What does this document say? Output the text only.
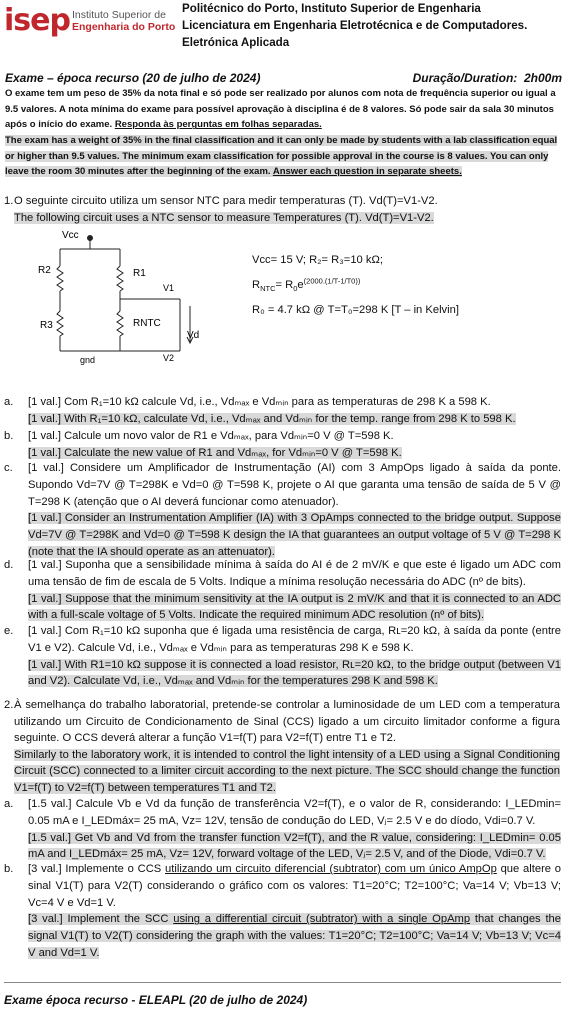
isep Instituto Superior de
Engenharia do Porto
Politécnico do Porto, Instituto Superior de Engenharia
Licenciatura em Engenharia Eletrotécnica e de Computadores.
Eletrónica Aplicada
Exame – época recurso (20 de julho de 2024)	Duração/Duration: 2h00m
O exame tem um peso de 35% da nota final e só pode ser realizado por alunos com nota de frequência superior ou igual a 9.5 valores. A nota mínima do exame para possível aprovação à disciplina é de 8 valores. Só pode sair da sala 30 minutos após o início do exame. Responda às perguntas em folhas separadas.
The exam has a weight of 35% in the final classification and it can only be made by students with a lab classification equal or higher than 9.5 values. The minimum exam classification for possible approval in the course is 8 values. You can only leave the room 30 minutes after the beginning of the exam. Answer each question in separate sheets.
1. O seguinte circuito utiliza um sensor NTC para medir temperaturas (T). Vd(T)=V1-V2.
The following circuit uses a NTC sensor to measure Temperatures (T). Vd(T)=V1-V2.
Vcc
R2	R1
V1
R3	RNTC
Vd
V2
gnd
Vcc= 15 V; R₂= R₃=10 kΩ;
$R_{NTC}= R_0e^{(2000.(1/T-1/T0))}$
R₀ = 4.7 kΩ @ T=T₀=298 K [T – in Kelvin]
a. [1 val.] Com R₁=10 kΩ calcule Vd, i.e., Vdₘₐₓ e Vdₘᵢₙ para as temperaturas de 298 K a 598 K.
[1 val.] With R₁=10 kΩ, calculate Vd, i.e., Vdₘₐₓ and Vdₘᵢₙ for the temp. range from 298 K to 598 K.
b. [1 val.] Calcule um novo valor de R1 e Vdₘₐₓ, para Vdₘᵢₙ=0 V @ T=598 K.
[1 val.] Calculate the new value of R1 and Vdₘₐₓ, for Vdₘᵢₙ=0 V @ T=598 K.
c. [1 val.] Considere um Amplificador de Instrumentação (AI) com 3 AmpOps ligado à saída da ponte. Supondo Vd=7V @ T=298K e Vd=0 @ T=598 K, projete o AI que garanta uma tensão de saída de 5 V @ T=298 K (atenção que o AI deverá funcionar como atenuador).
[1 val.] Consider an Instrumentation Amplifier (IA) with 3 OpAmps connected to the bridge output. Suppose Vd=7V @ T=298K and Vd=0 @ T=598 K design the IA that guarantees an output voltage of 5 V @ T=298 K (note that the IA should operate as an attenuator).
d. [1 val.] Suponha que a sensibilidade mínima à saída do AI é de 2 mV/K e que este é ligado um ADC com uma tensão de fim de escala de 5 Volts. Indique a mínima resolução necessária do ADC (nº de bits).
[1 val.] Suppose that the minimum sensitivity at the IA output is 2 mV/K and that it is connected to an ADC with a full-scale voltage of 5 Volts. Indicate the required minimum ADC resolution (nº of bits).
e. [1 val.] Com R₁=10 kΩ suponha que é ligada uma resistência de carga, Rʟ=20 kΩ, à saída da ponte (entre V1 e V2). Calcule Vd, i.e., Vdₘₐₓ e Vdₘᵢₙ para as temperaturas 298 K e 598 K.
[1 val.] With R1=10 kΩ suppose it is connected a load resistor, Rʟ=20 kΩ, to the bridge output (between V1 and V2). Calculate Vd, i.e., Vdₘₐₓ and Vdₘᵢₙ for the temperatures 298 K and 598 K.
2. À semelhança do trabalho laboratorial, pretende-se controlar a luminosidade de um LED com a temperatura utilizando um Circuito de Condicionamento de Sinal (CCS) ligado a um circuito limitador conforme a figura seguinte. O CCS deverá alterar a função V1=f(T) para V2=f(T) entre T1 e T2.
Similarly to the laboratory work, it is intended to control the light intensity of a LED using a Signal Conditioning Circuit (SCC) connected to a limiter circuit according to the next picture. The SCC should change the function V1=f(T) to V2=f(T) between temperatures T1 and T2.
a. [1.5 val.] Calcule Vb e Vd da função de transferência V2=f(T), e o valor de R, considerando: I_LEDmin= 0.05 mA e I_LEDmáx= 25 mA, Vz= 12V, tensão de condução do LED, Vⱼ= 2.5 V e do díodo, Vdi=0.7 V.
[1.5 val.] Get Vb and Vd from the transfer function V2=f(T), and the R value, considering: I_LEDmin= 0.05 mA and I_LEDmáx= 25 mA, Vz= 12V, forward voltage of the LED, Vⱼ= 2.5 V, and of the Diode, Vdi=0.7 V.
b. [3 val.] Implemente o CCS utilizando um circuito diferencial (subtrator) com um único AmpOp que altere o sinal V1(T) para V2(T) considerando o gráfico com os valores: T1=20°C; T2=100°C; Va=14 V; Vb=13 V; Vc=4 V e Vd=1 V.
[3 val.] Implement the SCC using a differential circuit (subtrator) with a single OpAmp that changes the signal V1(T) to V2(T) considering the graph with the values: T1=20°C; T2=100°C; Va=14 V; Vb=13 V; Vc=4 V and Vd=1 V.
Exame época recurso - ELEAPL (20 de julho de 2024)
